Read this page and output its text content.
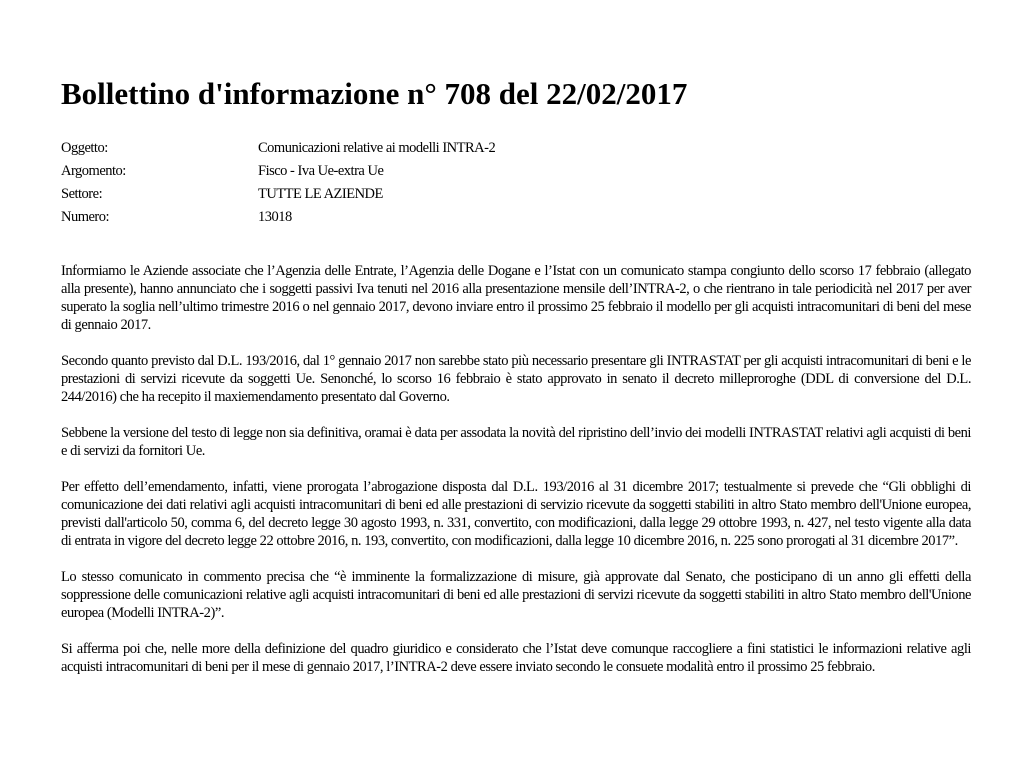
Bollettino d'informazione n° 708 del 22/02/2017
Oggetto:	Comunicazioni relative ai modelli INTRA-2
Argomento:	Fisco - Iva Ue-extra Ue
Settore:	TUTTE LE AZIENDE
Numero:	13018

Informiamo le Aziende associate che l’Agenzia delle Entrate, l’Agenzia delle Dogane e l’Istat con un comunicato stampa congiunto dello scorso 17 febbraio (allegato alla presente), hanno annunciato che i soggetti passivi Iva tenuti nel 2016 alla presentazione mensile dell’INTRA-2, o che rientrano in tale periodicità nel 2017 per aver superato la soglia nell’ultimo trimestre 2016 o nel gennaio 2017, devono inviare entro il prossimo 25 febbraio il modello per gli acquisti intracomunitari di beni del mese di gennaio 2017.

Secondo quanto previsto dal D.L. 193/2016, dal 1° gennaio 2017 non sarebbe stato più necessario presentare gli INTRASTAT per gli acquisti intracomunitari di beni e le prestazioni di servizi ricevute da soggetti Ue. Senonché, lo scorso 16 febbraio è stato approvato in senato il decreto milleproroghe (DDL di conversione del D.L. 244/2016) che ha recepito il maxiemendamento presentato dal Governo.

Sebbene la versione del testo di legge non sia definitiva, oramai è data per assodata la novità del ripristino dell’invio dei modelli INTRASTAT relativi agli acquisti di beni e di servizi da fornitori Ue.

Per effetto dell’emendamento, infatti, viene prorogata l’abrogazione disposta dal D.L. 193/2016 al 31 dicembre 2017; testualmente si prevede che “Gli obblighi di comunicazione dei dati relativi agli acquisti intracomunitari di beni ed alle prestazioni di servizio ricevute da soggetti stabiliti in altro Stato membro dell'Unione europea, previsti dall'articolo 50, comma 6, del decreto legge 30 agosto 1993, n. 331, convertito, con modificazioni, dalla legge 29 ottobre 1993, n. 427, nel testo vigente alla data di entrata in vigore del decreto legge 22 ottobre 2016, n. 193, convertito, con modificazioni, dalla legge 10 dicembre 2016, n. 225 sono prorogati al 31 dicembre 2017”.

Lo stesso comunicato in commento precisa che “è imminente la formalizzazione di misure, già approvate dal Senato, che posticipano di un anno gli effetti della soppressione delle comunicazioni relative agli acquisti intracomunitari di beni ed alle prestazioni di servizi ricevute da soggetti stabiliti in altro Stato membro dell'Unione europea (Modelli INTRA-2)”.

Si afferma poi che, nelle more della definizione del quadro giuridico e considerato che l’Istat deve comunque raccogliere a fini statistici le informazioni relative agli acquisti intracomunitari di beni per il mese di gennaio 2017, l’INTRA-2 deve essere inviato secondo le consuete modalità entro il prossimo 25 febbraio.
